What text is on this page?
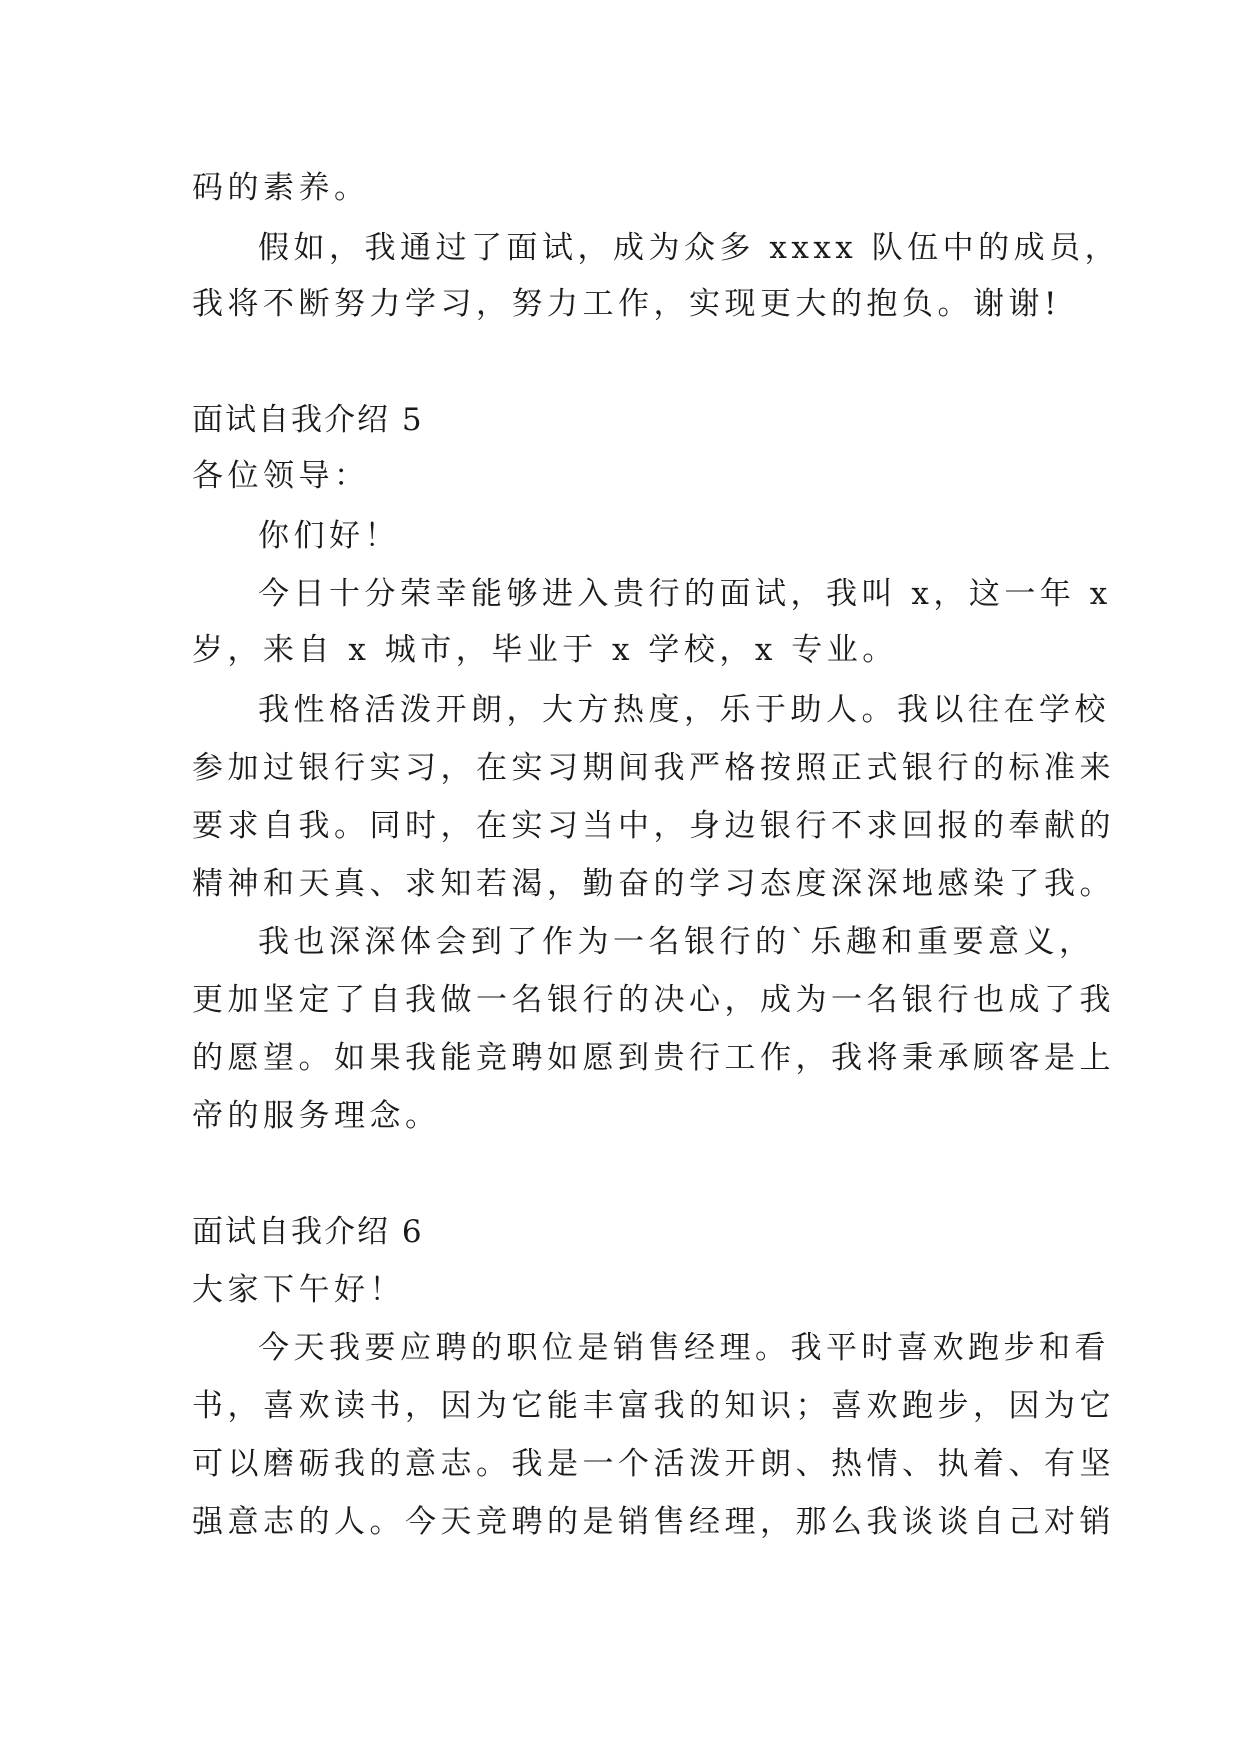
码的素养。

假如，我通过了面试，成为众多 xxxx 队伍中的成员，

我将不断努力学习，努力工作，实现更大的抱负。谢谢!

面试自我介绍 5

各位领导：

你们好！

今日十分荣幸能够进入贵行的面试，我叫 x，这一年 x

岁，来自 x 城市，毕业于 x 学校，x 专业。

我性格活泼开朗，大方热度，乐于助人。我以往在学校

参加过银行实习，在实习期间我严格按照正式银行的标准来

要求自我。同时，在实习当中，身边银行不求回报的奉献的

精神和天真、求知若渴，勤奋的学习态度深深地感染了我。

我也深深体会到了作为一名银行的`乐趣和重要意义，

更加坚定了自我做一名银行的决心，成为一名银行也成了我

的愿望。如果我能竞聘如愿到贵行工作，我将秉承顾客是上

帝的服务理念。

面试自我介绍 6

大家下午好！

今天我要应聘的职位是销售经理。我平时喜欢跑步和看

书，喜欢读书，因为它能丰富我的知识；喜欢跑步，因为它

可以磨砺我的意志。我是一个活泼开朗、热情、执着、有坚

强意志的人。今天竞聘的是销售经理，那么我谈谈自己对销
